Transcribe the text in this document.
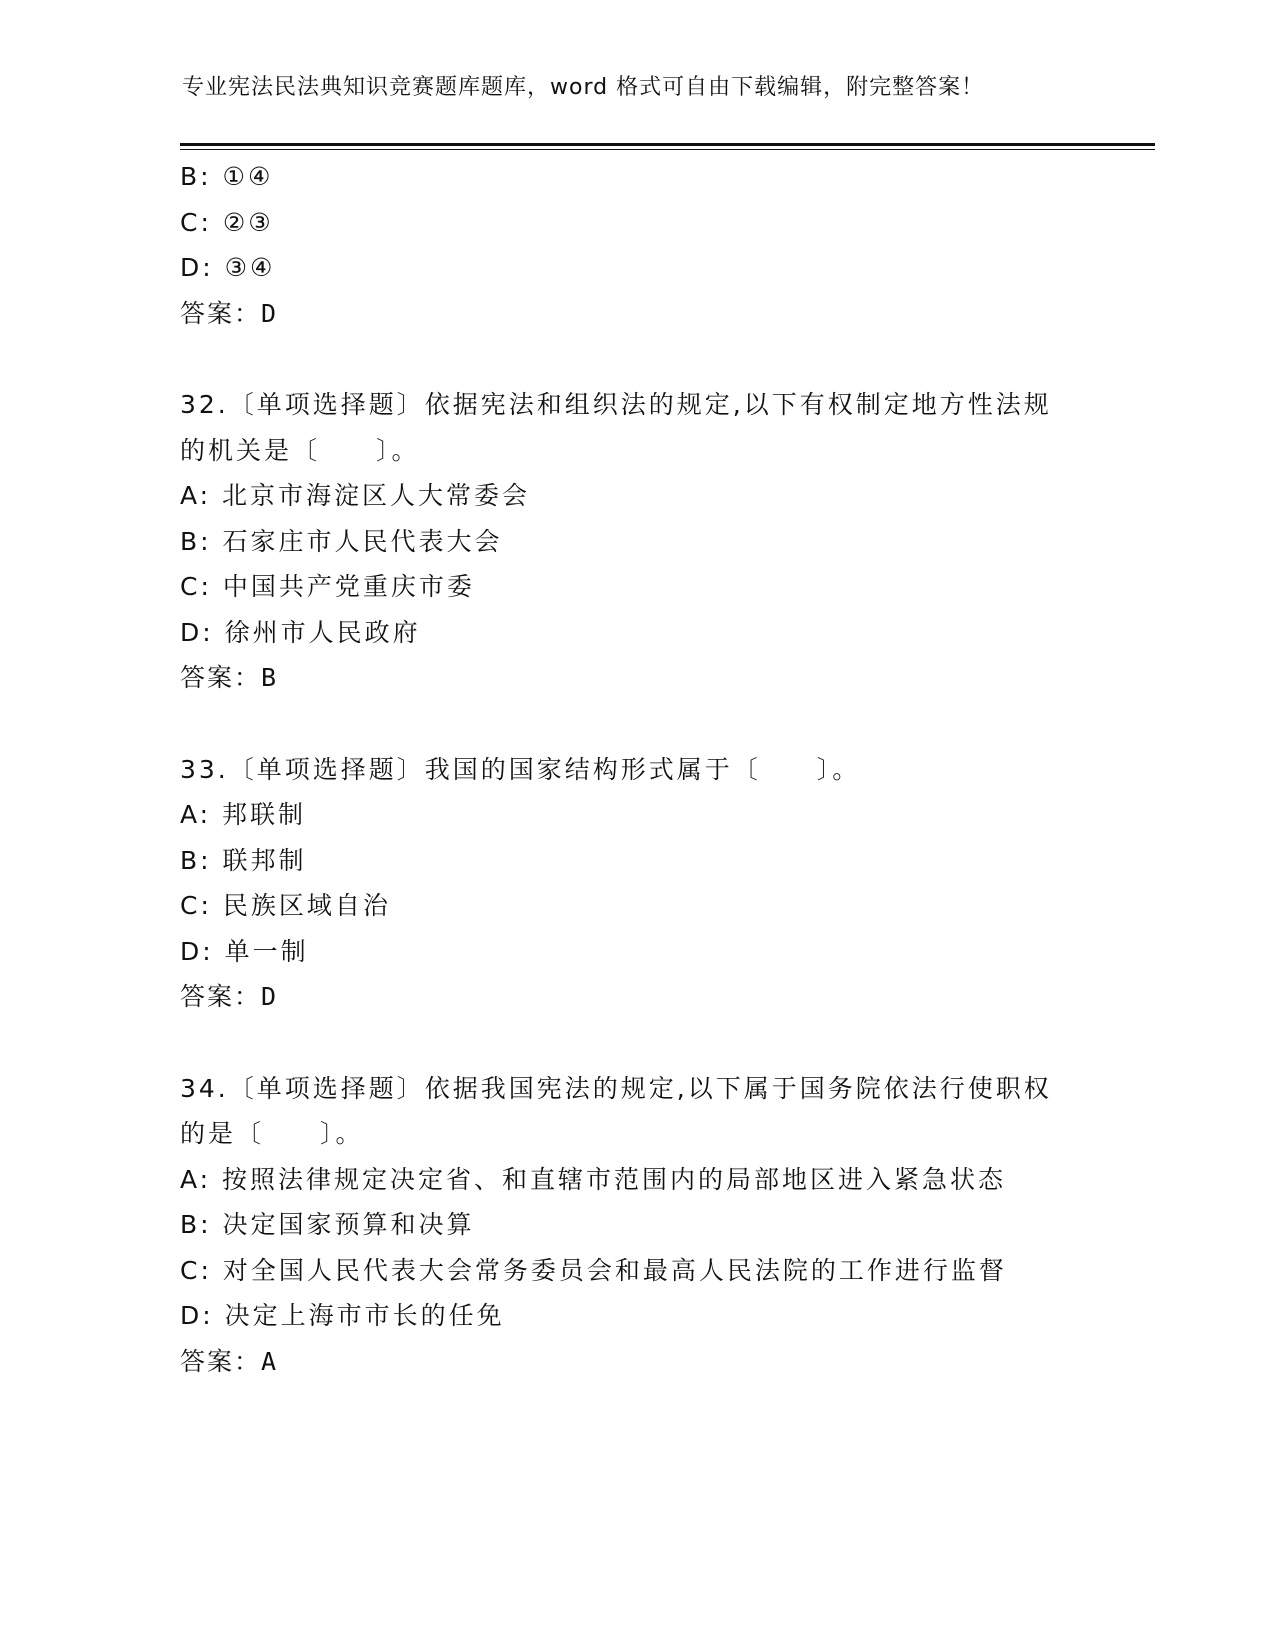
专业宪法民法典知识竞赛题库题库，word 格式可自由下载编辑，附完整答案！
B: ①④
C: ②③
D: ③④
答案：D
32.〔单项选择题〕依据宪法和组织法的规定,以下有权制定地方性法规的机关是〔　　〕。
A: 北京市海淀区人大常委会
B: 石家庄市人民代表大会
C: 中国共产党重庆市委
D: 徐州市人民政府
答案：B
33.〔单项选择题〕我国的国家结构形式属于〔　　〕。
A: 邦联制
B: 联邦制
C: 民族区域自治
D: 单一制
答案：D
34.〔单项选择题〕依据我国宪法的规定,以下属于国务院依法行使职权的是〔　　〕。
A: 按照法律规定决定省、和直辖市范围内的局部地区进入紧急状态
B: 决定国家预算和决算
C: 对全国人民代表大会常务委员会和最高人民法院的工作进行监督
D: 决定上海市市长的任免
答案：A
